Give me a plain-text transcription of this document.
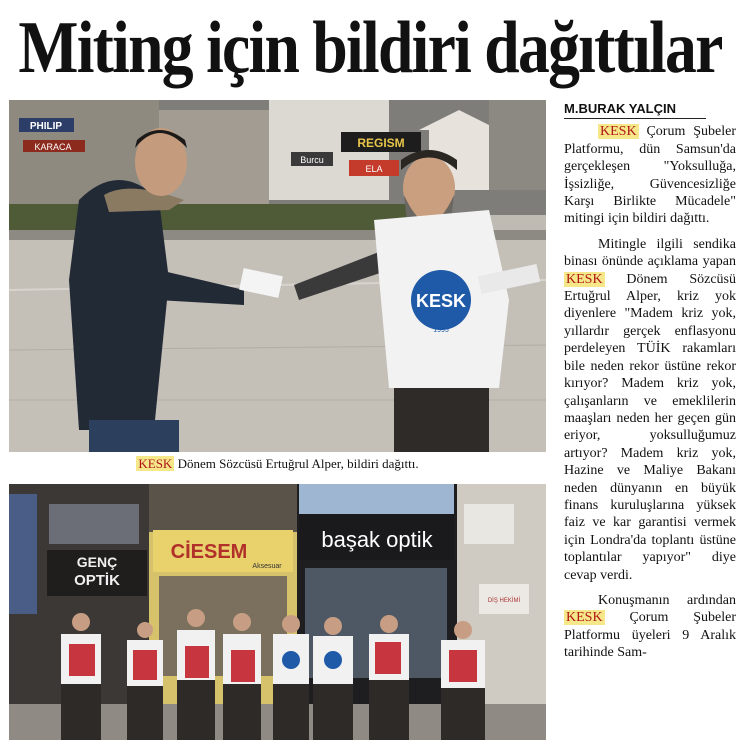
Miting için bildiri dağıttılar
PHILIP
KARACA	REGISM
Burcu
ELA
KESK
1995
KESK Dönem Sözcüsü Ertuğrul Alper, bildiri dağıttı.
GENÇ
OPTİK
CİESEM
Aksesuar
başak optik
DİŞ HEKİMİ
M.BURAK YALÇIN

KESK Çorum Şubeler Platformu, dün Samsun'da gerçekleşen "Yoksulluğa, İşsizliğe, Güvencesizliğe Karşı Birlikte Mücadele" mitingi için bildiri dağıttı.

Mitingle ilgili sendika binası önünde açıklama yapan KESK Dönem Sözcüsü Ertuğrul Alper, kriz yok diyenlere "Madem kriz yok, yıllardır gerçek enflasyonu perdeleyen TÜİK rakamları bile neden rekor üstüne rekor kırıyor? Madem kriz yok, çalışanların ve emeklilerin maaşları neden her geçen gün eriyor, yoksulluğumuz artıyor? Madem kriz yok, Hazine ve Maliye Bakanı neden dünyanın en büyük finans kuruluşlarına yüksek faiz ve kar garantisi vermek için Londra'da toplantı üstüne toplantılar yapıyor" diye cevap verdi.

Konuşmanın ardından KESK Çorum Şubeler Platformu üyeleri 9 Aralık tarihinde Sam-
